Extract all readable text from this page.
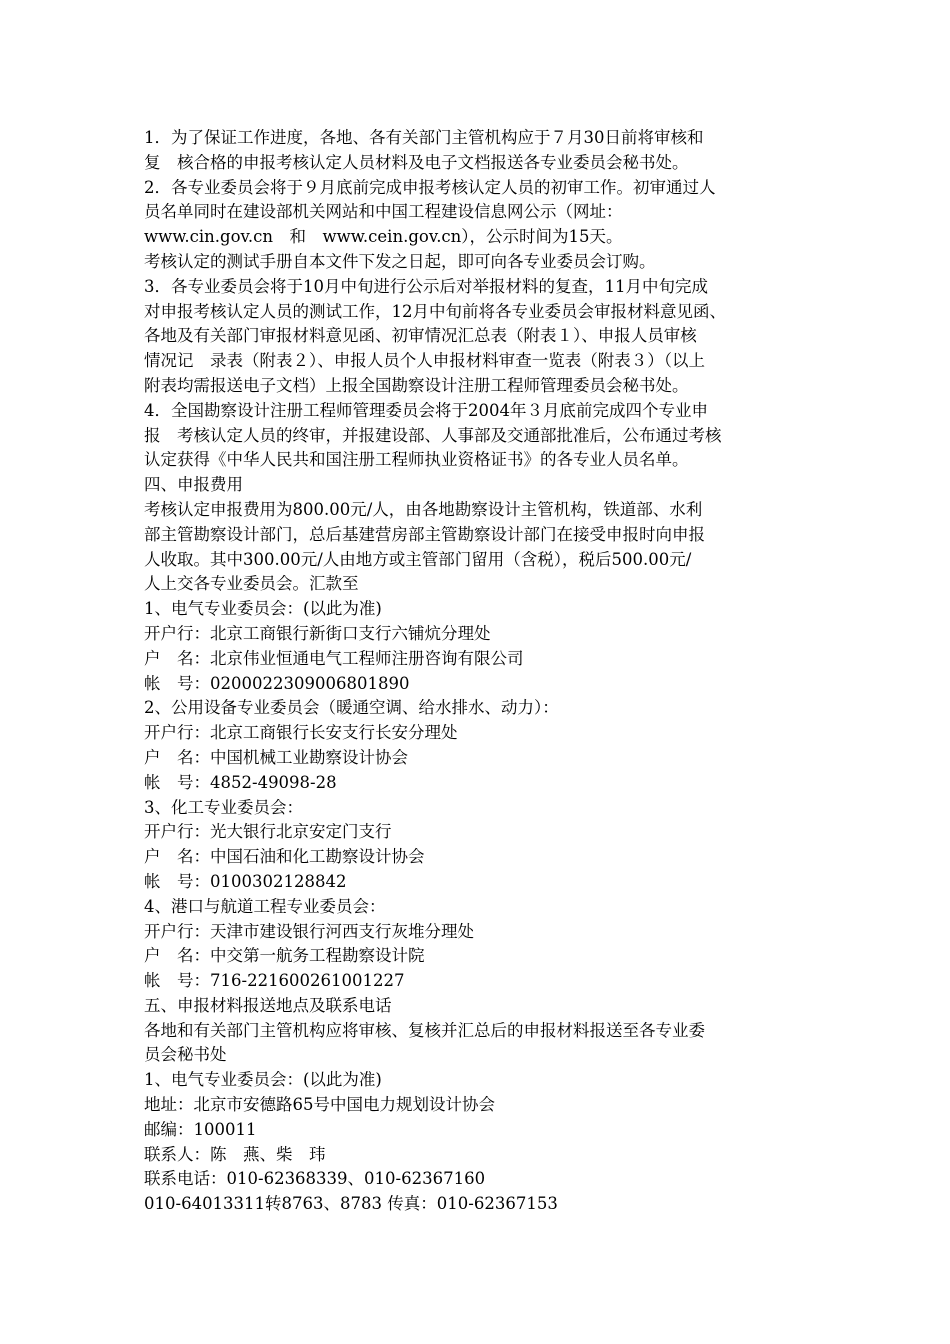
1．为了保证工作进度，各地、各有关部门主管机构应于７月30日前将审核和
复　核合格的申报考核认定人员材料及电子文档报送各专业委员会秘书处。
2．各专业委员会将于９月底前完成申报考核认定人员的初审工作。初审通过人
员名单同时在建设部机关网站和中国工程建设信息网公示（网址：
www.cin.gov.cn　和　www.cein.gov.cn），公示时间为15天。
考核认定的测试手册自本文件下发之日起，即可向各专业委员会订购。
3．各专业委员会将于10月中旬进行公示后对举报材料的复查，11月中旬完成
对申报考核认定人员的测试工作，12月中旬前将各专业委员会审报材料意见函、
各地及有关部门审报材料意见函、初审情况汇总表（附表１）、申报人员审核
情况记　录表（附表２）、申报人员个人申报材料审查一览表（附表３）（以上
附表均需报送电子文档）上报全国勘察设计注册工程师管理委员会秘书处。
4．全国勘察设计注册工程师管理委员会将于2004年３月底前完成四个专业申
报　考核认定人员的终审，并报建设部、人事部及交通部批准后，公布通过考核
认定获得《中华人民共和国注册工程师执业资格证书》的各专业人员名单。
四、申报费用
考核认定申报费用为800.00元/人，由各地勘察设计主管机构，铁道部、水利
部主管勘察设计部门，总后基建营房部主管勘察设计部门在接受申报时向申报
人收取。其中300.00元/人由地方或主管部门留用（含税），税后500.00元/
人上交各专业委员会。汇款至
1、电气专业委员会：(以此为准)
开户行：北京工商银行新街口支行六铺炕分理处
户　名：北京伟业恒通电气工程师注册咨询有限公司
帐　号：0200022309006801890
2、公用设备专业委员会（暖通空调、给水排水、动力）：
开户行：北京工商银行长安支行长安分理处
户　名：中国机械工业勘察设计协会
帐　号：4852-49098-28
3、化工专业委员会：
开户行：光大银行北京安定门支行
户　名：中国石油和化工勘察设计协会
帐　号：0100302128842
4、港口与航道工程专业委员会：
开户行：天津市建设银行河西支行灰堆分理处
户　名：中交第一航务工程勘察设计院
帐　号：716-221600261001227
五、申报材料报送地点及联系电话
各地和有关部门主管机构应将审核、复核并汇总后的申报材料报送至各专业委
员会秘书处
1、电气专业委员会：(以此为准)
地址：北京市安德路65号中国电力规划设计协会
邮编：100011
联系人：陈　燕、柴　玮
联系电话：010-62368339、010-62367160
010-64013311转8763、8783 传真：010-62367153
